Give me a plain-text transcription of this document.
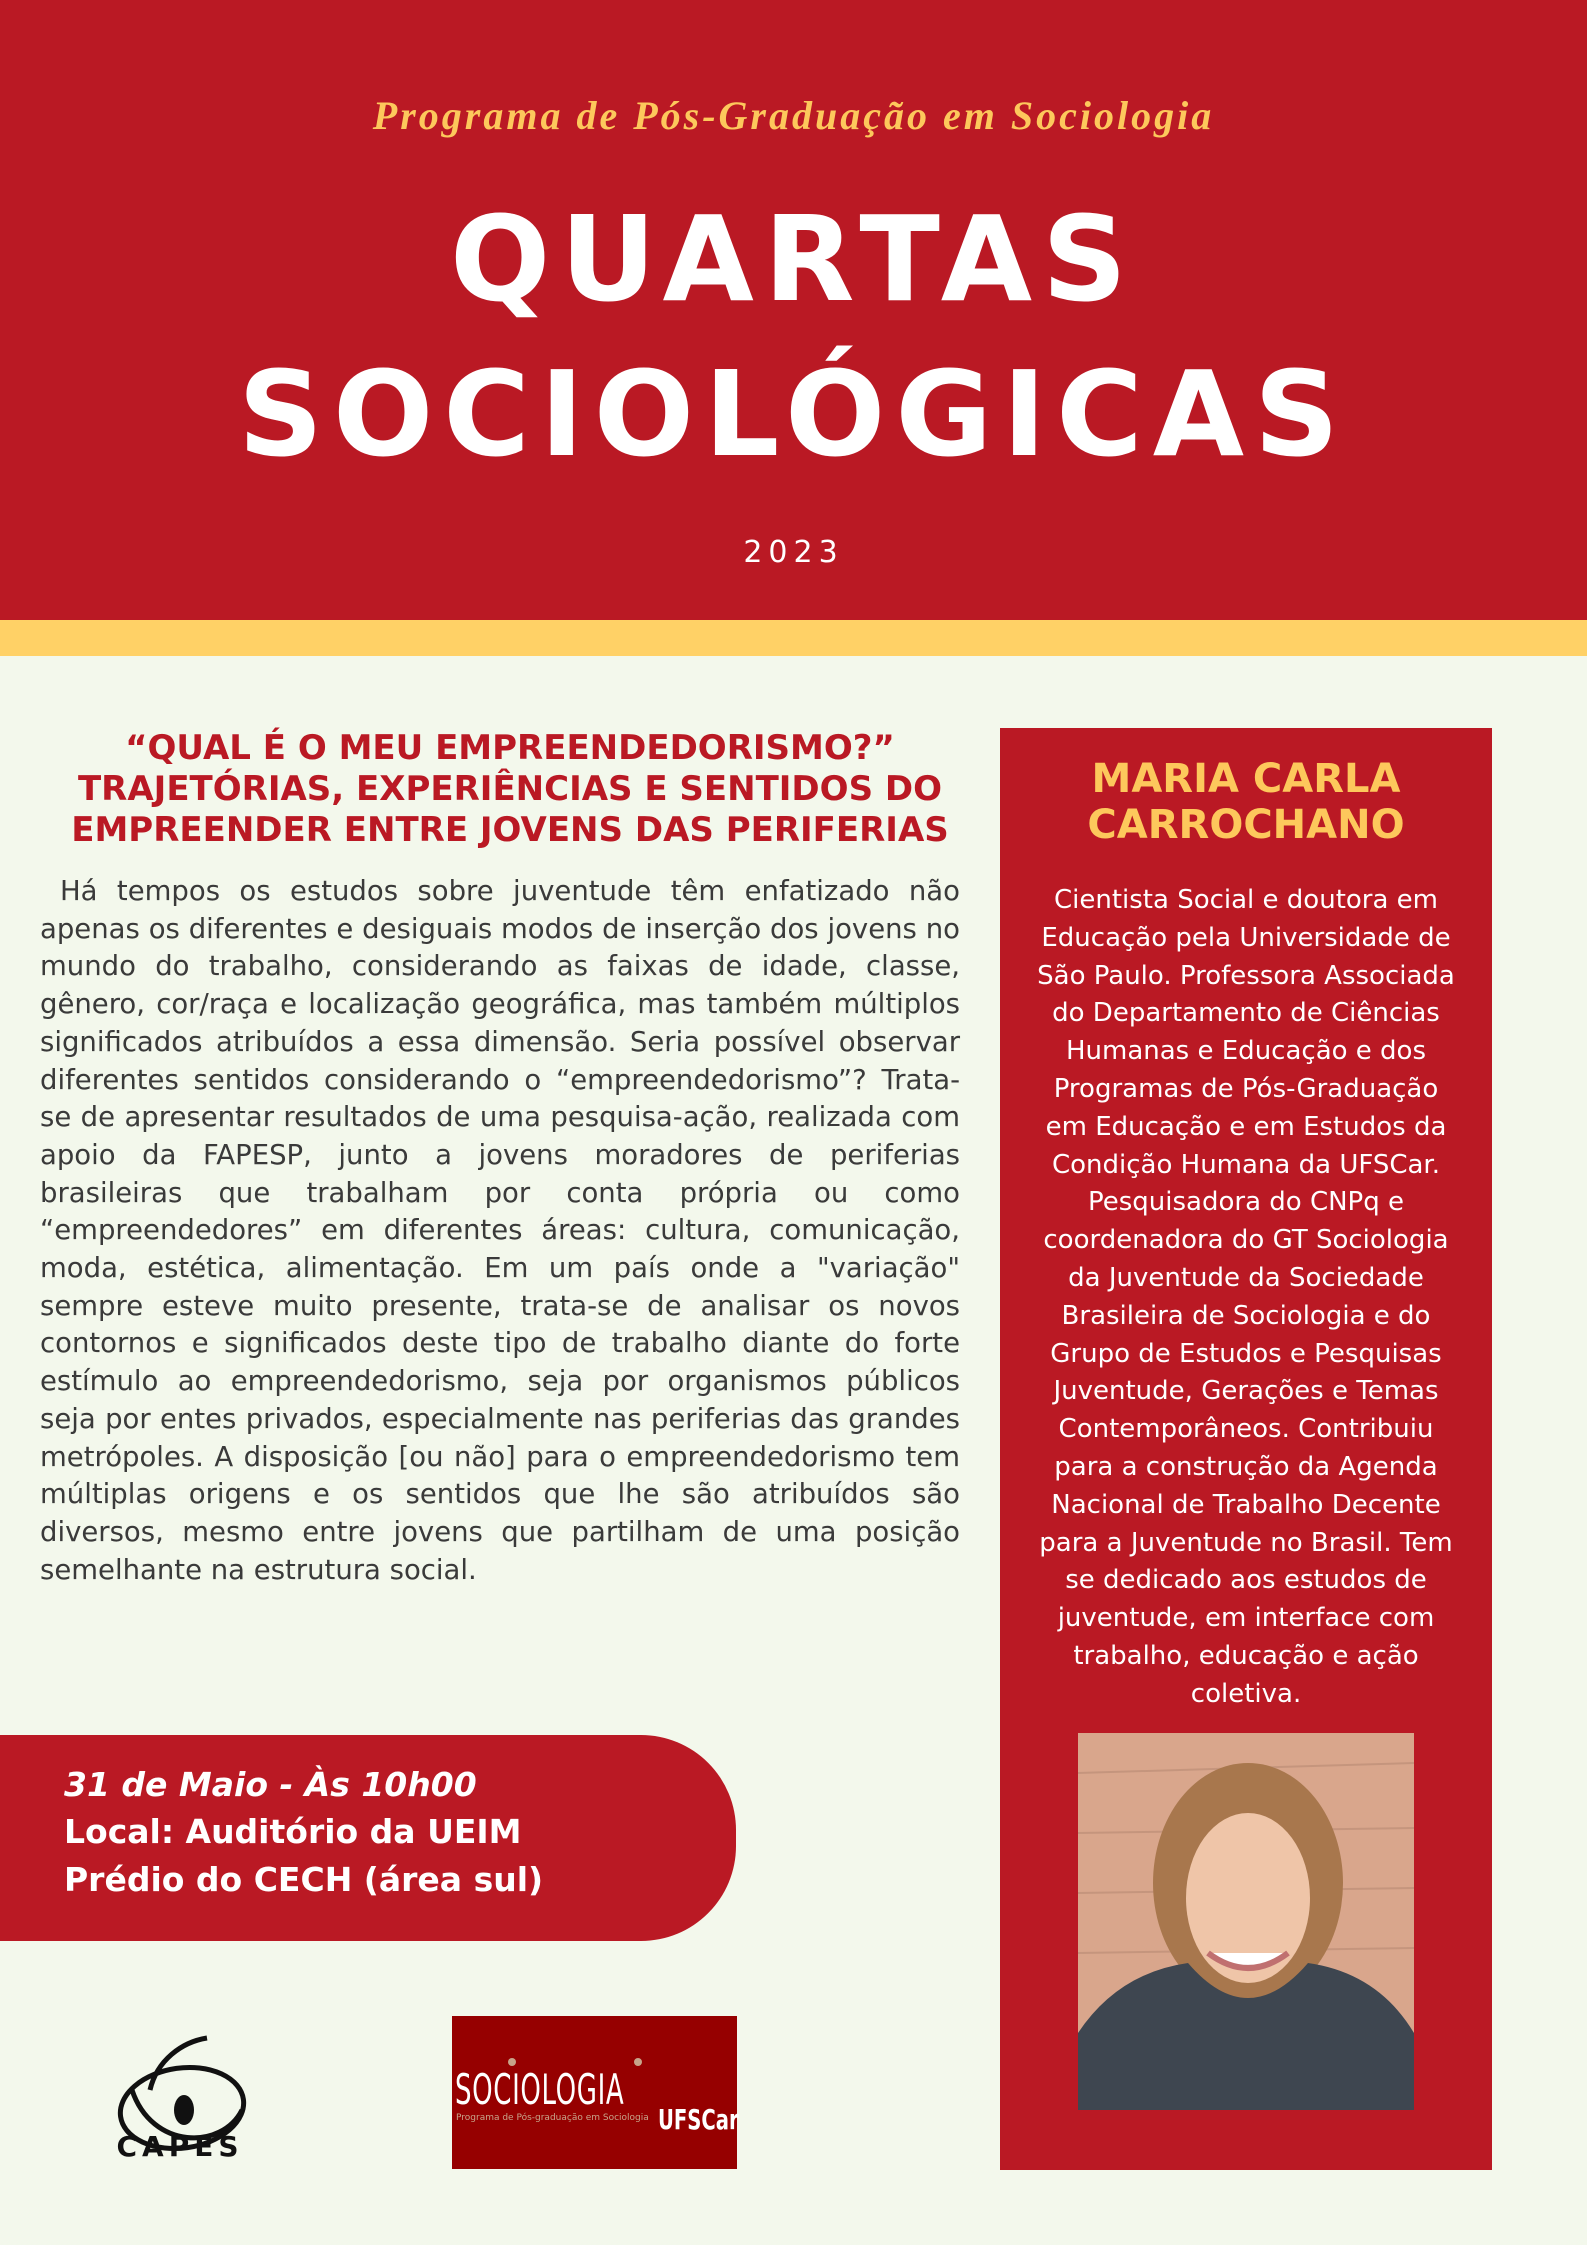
Programa de Pós-Graduação em Sociologia
QUARTAS
SOCIOLÓGICAS
2023
“QUAL É O MEU EMPREENDEDORISMO?” TRAJETÓRIAS, EXPERIÊNCIAS E SENTIDOS DO EMPREENDER ENTRE JOVENS DAS PERIFERIAS
Há tempos os estudos sobre juventude têm enfatizado não apenas os diferentes e desiguais modos de inserção dos jovens no mundo do trabalho, considerando as faixas de idade, classe, gênero, cor/raça e localização geográfica, mas também múltiplos significados atribuídos a essa dimensão. Seria possível observar diferentes sentidos considerando o “empreendedorismo”? Trata-se de apresentar resultados de uma pesquisa-ação, realizada com apoio da FAPESP, junto a jovens moradores de periferias brasileiras que trabalham por conta própria ou como “empreendedores” em diferentes áreas: cultura, comunicação, moda, estética, alimentação. Em um país onde a "variação" sempre esteve muito presente, trata-se de analisar os novos contornos e significados deste tipo de trabalho diante do forte estímulo ao empreendedorismo, seja por organismos públicos seja por entes privados, especialmente nas periferias das grandes metrópoles. A disposição [ou não] para o empreendedorismo tem múltiplas origens e os sentidos que lhe são atribuídos são diversos, mesmo entre jovens que partilham de uma posição semelhante na estrutura social.
31 de Maio - Às 10h00
Local: Auditório da UEIM
Prédio do CECH (área sul)
CAPES
SOCIOLOGIA
Programa de Pós-graduação em Sociologia UFSCar
MARIA CARLA
CARROCHANO
Cientista Social e doutora em Educação pela Universidade de São Paulo. Professora Associada do Departamento de Ciências Humanas e Educação e dos Programas de Pós-Graduação em Educação e em Estudos da Condição Humana da UFSCar. Pesquisadora do CNPq e coordenadora do GT Sociologia da Juventude da Sociedade Brasileira de Sociologia e do Grupo de Estudos e Pesquisas Juventude, Gerações e Temas Contemporâneos. Contribuiu para a construção da Agenda Nacional de Trabalho Decente para a Juventude no Brasil. Tem se dedicado aos estudos de juventude, em interface com trabalho, educação e ação coletiva.
